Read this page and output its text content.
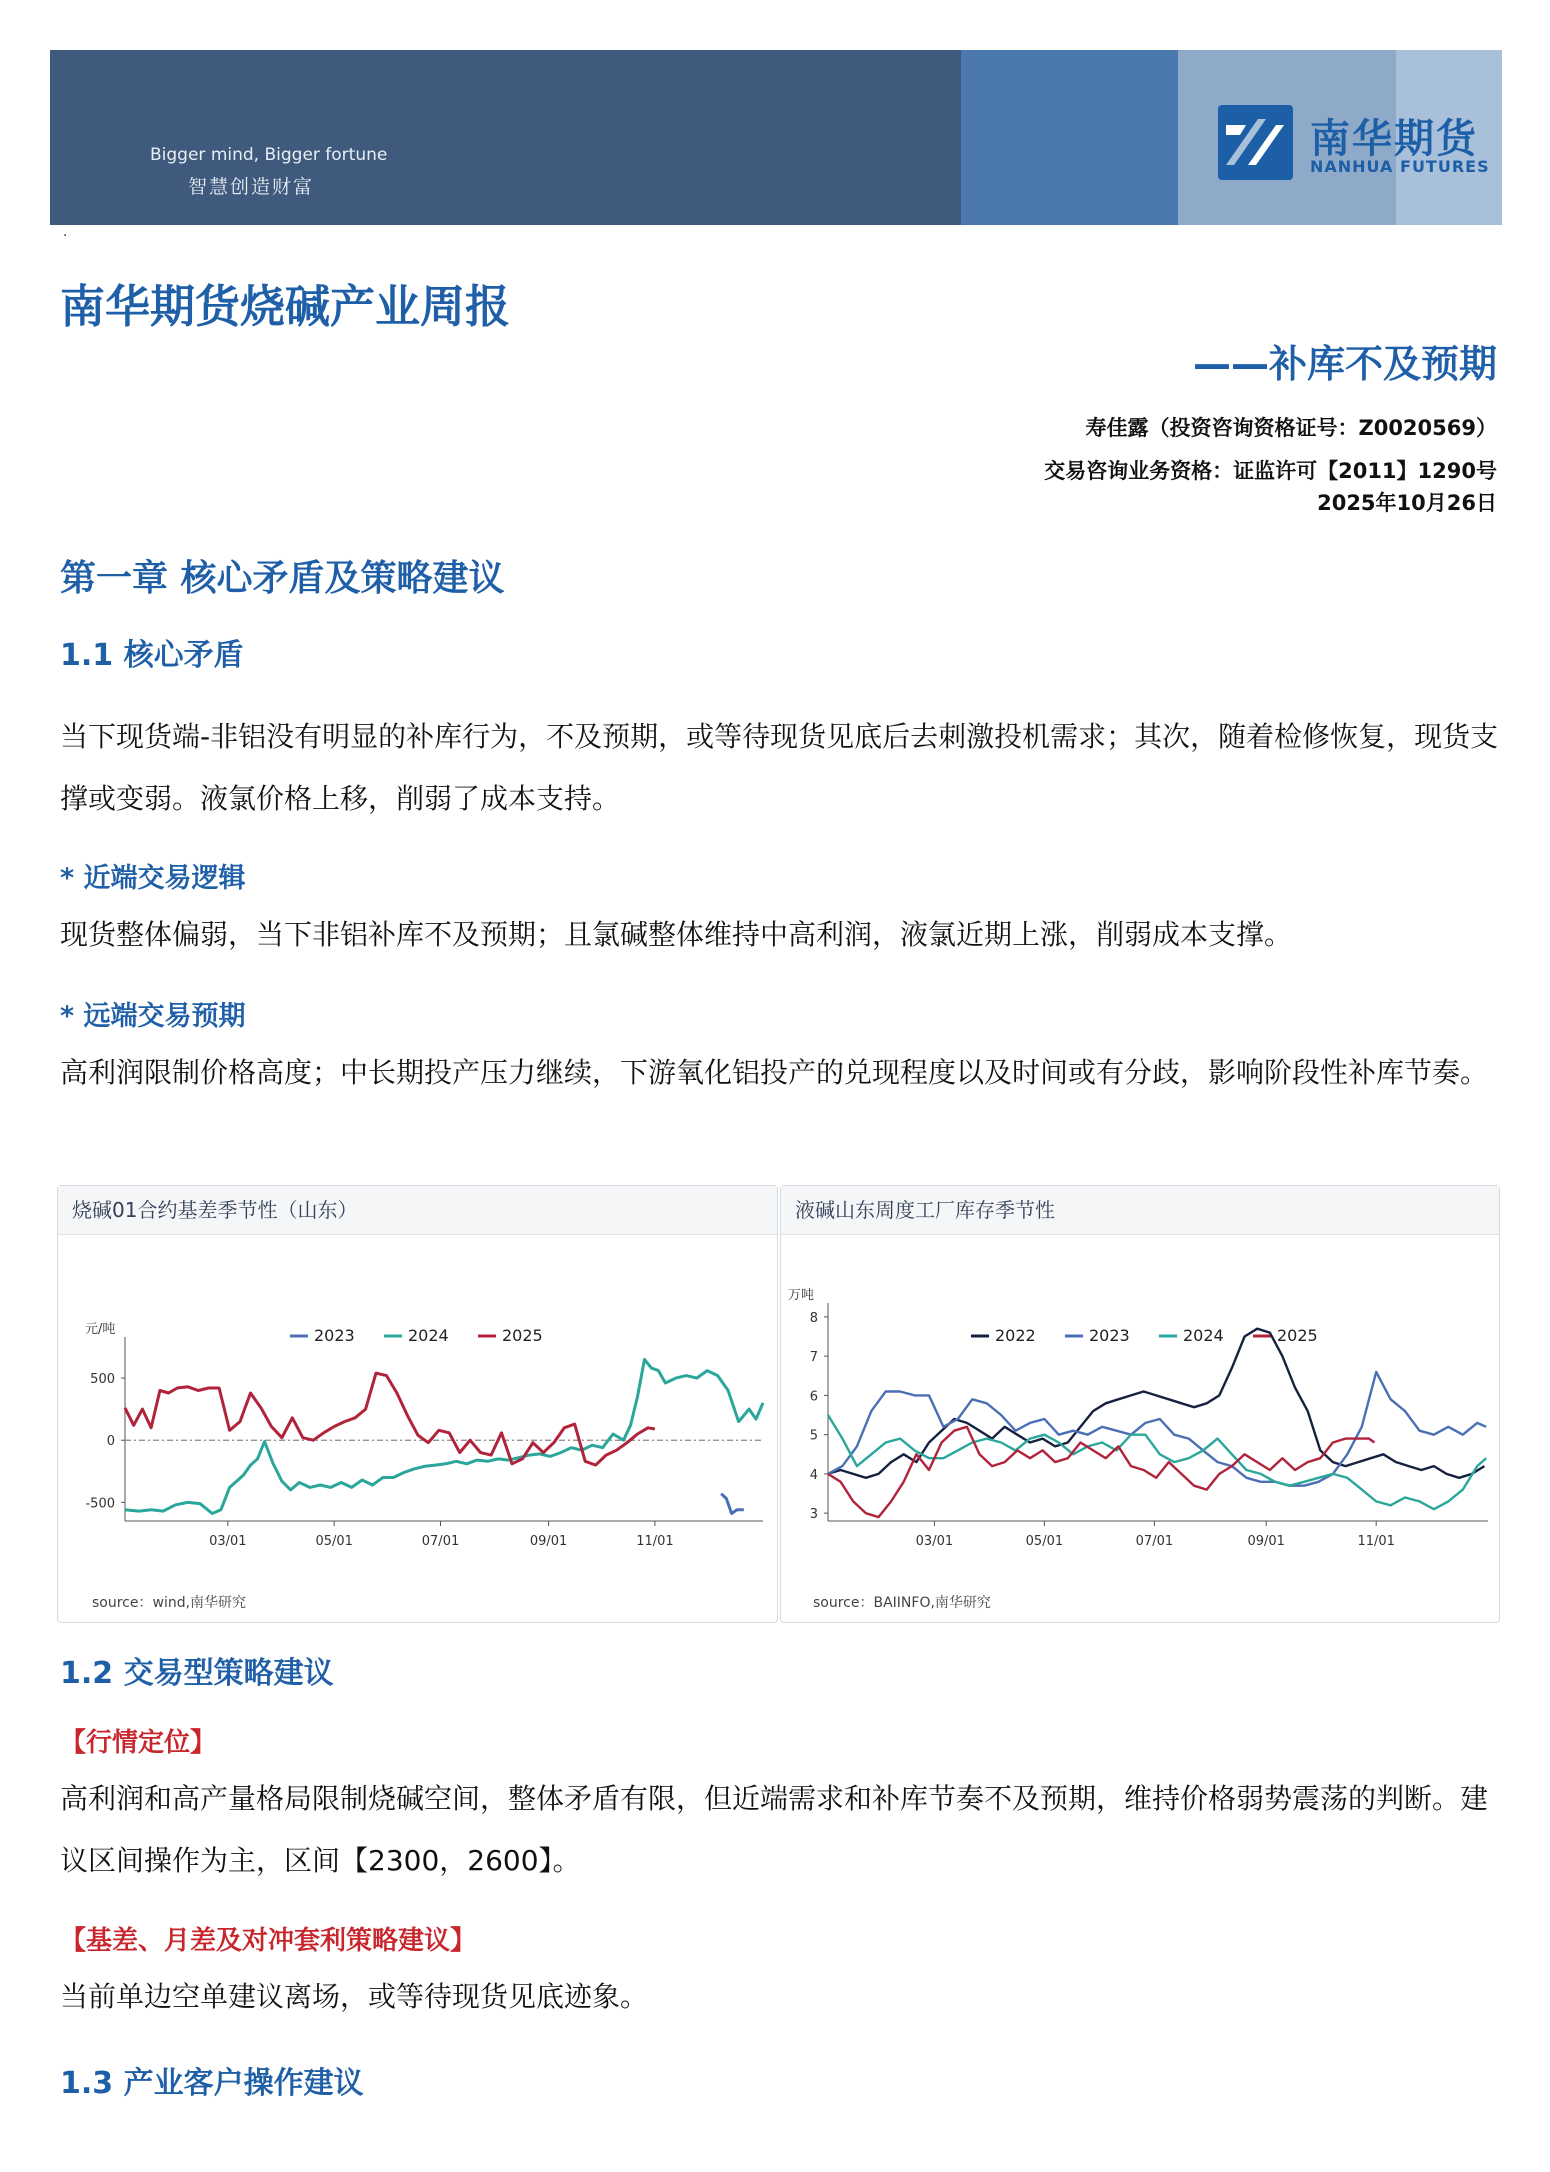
Bigger mind, Bigger fortune
智慧创造财富
南华期货
NANHUA FUTURES
·
南华期货烧碱产业周报
——补库不及预期
寿佳露（投资咨询资格证号：Z0020569）
交易咨询业务资格：证监许可【2011】1290号
2025年10月26日
第一章 核心矛盾及策略建议
1.1 核心矛盾
当下现货端-非铝没有明显的补库行为，不及预期，或等待现货见底后去刺激投机需求；其次，随着检修恢复，现货支撑或变弱。液氯价格上移，削弱了成本支持。
* 近端交易逻辑
现货整体偏弱，当下非铝补库不及预期；且氯碱整体维持中高利润，液氯近期上涨，削弱成本支撑。
* 远端交易预期
高利润限制价格高度；中长期投产压力继续，下游氧化铝投产的兑现程度以及时间或有分歧，影响阶段性补库节奏。
烧碱01合约基差季节性（山东）
元/吨
500
0
-500
03/01	05/01	07/01	09/01	11/01
2023	2024	2025
source：wind,南华研究
液碱山东周度工厂库存季节性
万吨
8
7
6
5
4
3
03/01	05/01	07/01	09/01	11/01
2022	2023	2024	2025
source：BAIINFO,南华研究
1.2 交易型策略建议
【行情定位】
高利润和高产量格局限制烧碱空间，整体矛盾有限，但近端需求和补库节奏不及预期，维持价格弱势震荡的判断。建议区间操作为主，区间【2300，2600】。
【基差、月差及对冲套利策略建议】
当前单边空单建议离场，或等待现货见底迹象。
1.3 产业客户操作建议
